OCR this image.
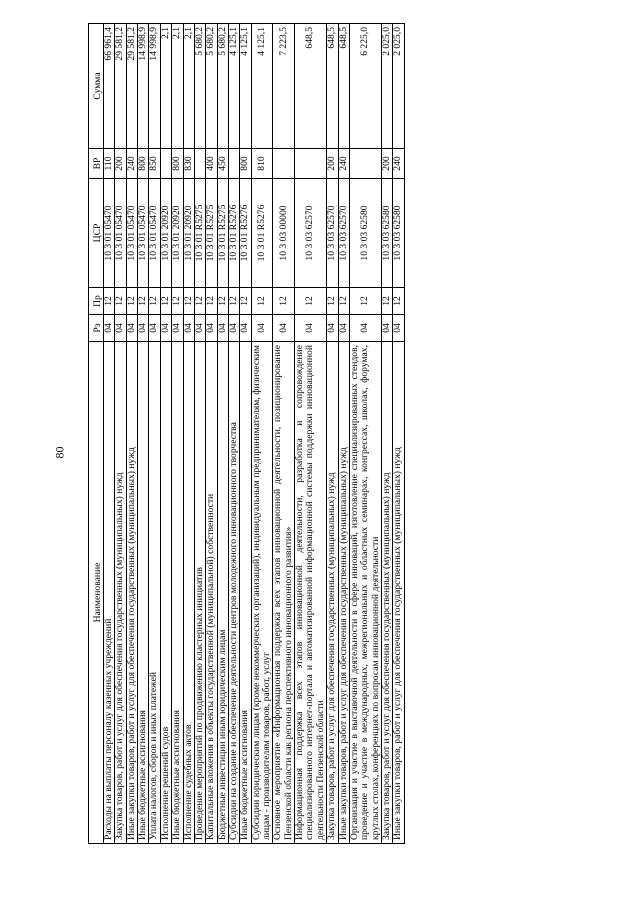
80
Наименование	Рз	Пр	ЦСР	ВР	Сумма
Расходы на выплаты персоналу казенных учреждений	04	12	10 3 01 05470	110	66 961,4
Закупка товаров, работ и услуг для обеспечения государственных (муниципальных) нужд	04	12	10 3 01 05470	200	29 581,2
Иные закупки товаров, работ и услуг для обеспечения государственных (муниципальных) нужд	04	12	10 3 01 05470	240	29 581,2
Иные бюджетные ассигнования	04	12	10 3 01 05470	800	14 998,9
Уплата налогов, сборов и иных платежей	04	12	10 3 01 05470	850	14 998,9
Исполнение решений судов	04	12	10 3 01 20920		2,1
Иные бюджетные ассигнования	04	12	10 3 01 20920	800	2,1
Исполнение судебных актов	04	12	10 3 01 20920	830	2,1
Проведение мероприятий по продвижению кластерных инициатив	04	12	10 3 01 R5275		5 680,2
Капитальные вложения в объекты государственной (муниципальной) собственности	04	12	10 3 01 R5275	400	5 680,2
Бюджетные инвестиции иным юридическим лицам	04	12	10 3 01 R5275	450	5 680,2
Субсидии на создание и обеспечение деятельности центров молодежного инновационного творчества	04	12	10 3 01 R5276		4 125,1
Иные бюджетные ассигнования	04	12	10 3 01 R5276	800	4 125,1
Субсидии юридическим лицам (кроме некоммерческих организаций), индивидуальным предпринимателям, физическим лицам - производителям товаров, работ, услуг	04	12	10 3 01 R5276	810	4 125,1
Основное мероприятие «Информационная поддержка всех этапов инновационной деятельности, позиционирование Пензенской области как региона перспективного инновационного развития»	04	12	10 3 03 00000		7 223,5
Информационная поддержка всех этапов инновационной деятельности, разработка и сопровождение специализированного интернет-портала и автоматизированной информационной системы поддержки инновационной деятельности Пензенской области	04	12	10 3 03 62570		648,5
Закупка товаров, работ и услуг для обеспечения государственных (муниципальных) нужд	04	12	10 3 03 62570	200	648,5
Иные закупки товаров, работ и услуг для обеспечения государственных (муниципальных) нужд	04	12	10 3 03 62570	240	648,5
Организация и участие в выставочной деятельности в сфере инноваций, изготовление специализированных стендов, проведение и участие в международных, межрегиональных и областных семинарах, конгрессах, школах, форумах, круглых столах, конференциях по вопросам инновационной деятельности	04	12	10 3 03 62580		6 225,0
Закупка товаров, работ и услуг для обеспечения государственных (муниципальных) нужд	04	12	10 3 03 62580	200	2 025,0
Иные закупки товаров, работ и услуг для обеспечения государственных (муниципальных) нужд	04	12	10 3 03 62580	240	2 025,0
